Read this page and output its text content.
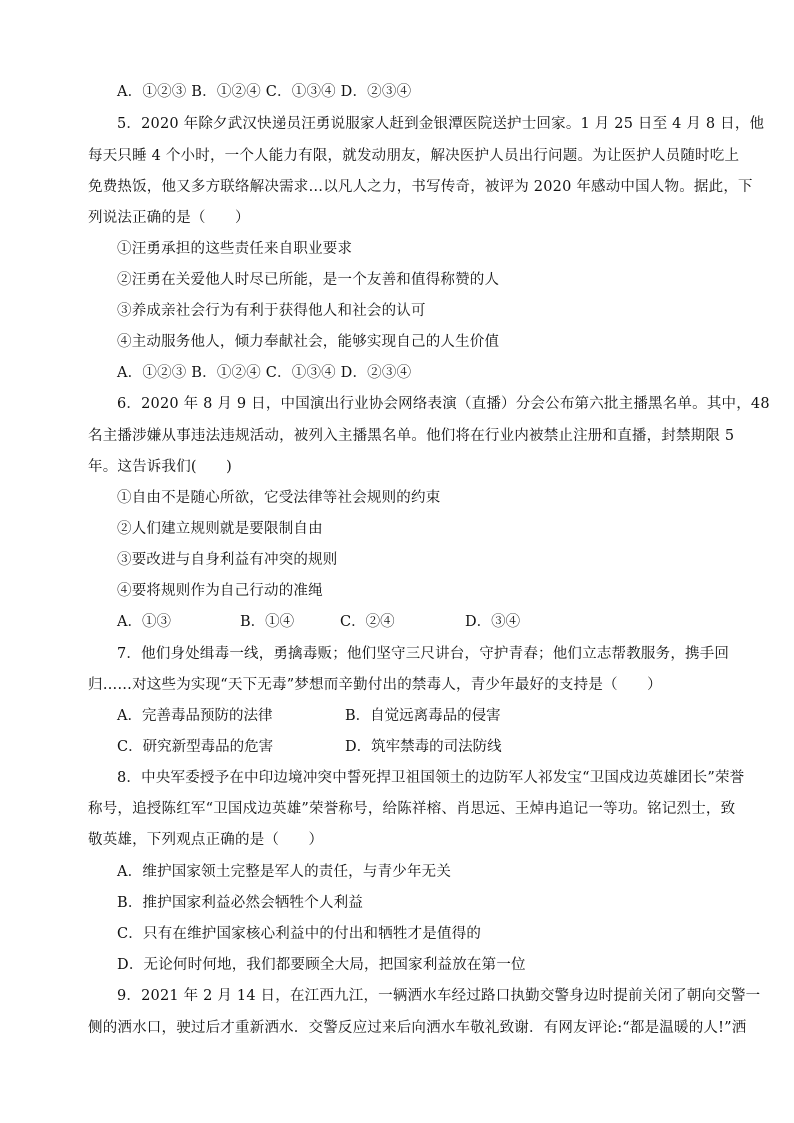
A．①②③ B．①②④ C．①③④ D．②③④
5．2020 年除夕武汉快递员汪勇说服家人赶到金银潭医院送护士回家。1 月 25 日至 4 月 8 日，他
每天只睡 4 个小时，一个人能力有限，就发动朋友，解决医护人员出行问题。为让医护人员随时吃上
免费热饭，他又多方联络解决需求…以凡人之力，书写传奇，被评为 2020 年感动中国人物。据此，下
列说法正确的是（　　）
①汪勇承担的这些责任来自职业要求
②汪勇在关爱他人时尽已所能，是一个友善和值得称赞的人
③养成亲社会行为有利于获得他人和社会的认可
④主动服务他人，倾力奉献社会，能够实现自己的人生价值
A．①②③ B．①②④ C．①③④ D．②③④
6．2020 年 8 月 9 日，中国演出行业协会网络表演（直播）分会公布第六批主播黑名单。其中，48
名主播涉嫌从事违法违规活动，被列入主播黑名单。他们将在行业内被禁止注册和直播，封禁期限 5
年。这告诉我们(　　)
①自由不是随心所欲，它受法律等社会规则的约束
②人们建立规则就是要限制自由
③要改进与自身利益有冲突的规则
④要将规则作为自己行动的准绳
A．①③	B．①④	C．②④	D．③④
7．他们身处缉毒一线，勇擒毒贩；他们坚守三尺讲台，守护青春；他们立志帮教服务，携手回
归……对这些为实现“天下无毒”梦想而辛勤付出的禁毒人，青少年最好的支持是（　　）
A．完善毒品预防的法律	B．自觉远离毒品的侵害
C．研究新型毒品的危害	D．筑牢禁毒的司法防线
8．中央军委授予在中印边境冲突中誓死捍卫祖国领土的边防军人祁发宝“卫国戍边英雄团长”荣誉
称号，追授陈红军“卫国戍边英雄”荣誉称号，给陈祥榕、肖思远、王焯冉追记一等功。铭记烈士，致
敬英雄，下列观点正确的是（　　）
A．维护国家领土完整是军人的责任，与青少年无关
B．推护国家利益必然会牺牲个人利益
C．只有在维护国家核心利益中的付出和牺牲才是值得的
D．无论何时何地，我们都要顾全大局，把国家利益放在第一位
9．2021 年 2 月 14 日，在江西九江，一辆洒水车经过路口执勤交警身边时提前关闭了朝向交警一
侧的洒水口，驶过后才重新洒水．交警反应过来后向洒水车敬礼致谢．有网友评论:“都是温暖的人!”洒
